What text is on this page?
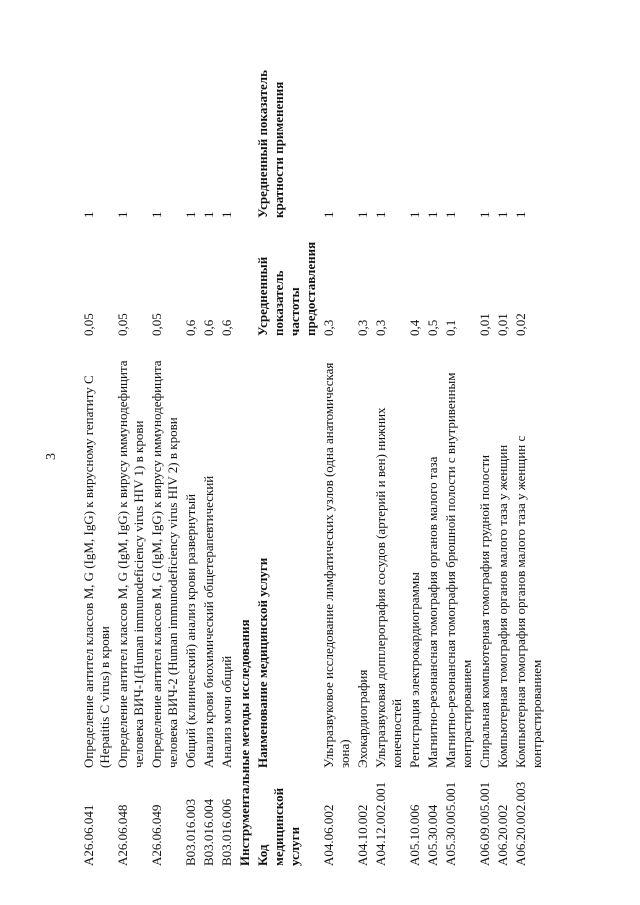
3
A26.06.041	Определение антител классов M, G (IgM, IgG) к вирусному гепатиту C (Hepatitis C virus) в крови	0,05	1
A26.06.048	Определение антител классов M, G (IgM, IgG) к вирусу иммунодефицита человека ВИЧ-1(Human immunodeficiency virus HIV 1) в крови	0,05	1
A26.06.049	Определение антител классов M, G (IgM, IgG) к вирусу иммунодефицита человека ВИЧ-2 (Human immunodeficiency virus HIV 2) в крови	0,05	1
B03.016.003	Общий (клинический) анализ крови развернутый	0,6	1
B03.016.004	Анализ крови биохимический общетерапевтический	0,6	1
B03.016.006	Анализ мочи общий	0,6	1
Инструментальные методы исследования			
Код медицинской услуги	Наименование медицинской услуги	Усредненный показатель частоты предоставления	Усредненный показатель кратности применения
A04.06.002	Ультразвуковое исследование лимфатических узлов (одна анатомическая зона)	0,3	1
A04.10.002	Эхокардиография	0,3	1
A04.12.002.001	Ультразвуковая допплерография сосудов (артерий и вен) нижних конечностей	0,3	1
A05.10.006	Регистрация электрокардиограммы	0,4	1
A05.30.004	Магнитно-резонансная томография органов малого таза	0,5	1
A05.30.005.001	Магнитно-резонансная томография брюшной полости с внутривенным контрастированием	0,1	1
A06.09.005.001	Спиральная компьютерная томография грудной полости	0,01	1
A06.20.002	Компьютерная томография органов малого таза у женщин	0,01	1
A06.20.002.003	Компьютерная томография органов малого таза у женщин с контрастированием	0,02	1
